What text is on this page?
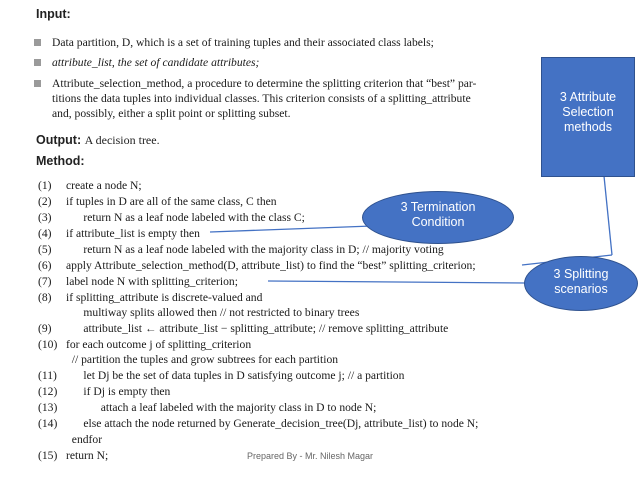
Input:
Data partition, D, which is a set of training tuples and their associated class labels;
attribute_list, the set of candidate attributes;
Attribute_selection_method, a procedure to determine the splitting criterion that “best” par-
titions the data tuples into individual classes. This criterion consists of a splitting_attribute
and, possibly, either a split point or splitting subset.
Output: A decision tree.
Method:
(1) create a node N;
(2) if tuples in D are all of the same class, C then
(3)      return N as a leaf node labeled with the class C;
(4) if attribute_list is empty then
(5)      return N as a leaf node labeled with the majority class in D; // majority voting
(6) apply Attribute_selection_method(D, attribute_list) to find the “best” splitting_criterion;
(7) label node N with splitting_criterion;
(8) if splitting_attribute is discrete-valued and
multiway splits allowed then // not restricted to binary trees
(9)      attribute_list ← attribute_list − splitting_attribute; // remove splitting_attribute
(10) for each outcome j of splitting_criterion
// partition the tuples and grow subtrees for each partition
(11)      let Dj be the set of data tuples in D satisfying outcome j; // a partition
(12)      if Dj is empty then
(13)            attach a leaf labeled with the majority class in D to node N;
(14)      else attach the node returned by Generate_decision_tree(Dj, attribute_list) to node N;
endfor
(15) return N;
3 Attribute
Selection
methods
3 Termination
Condition
3 Splitting
scenarios
Prepared By - Mr. Nilesh Magar
